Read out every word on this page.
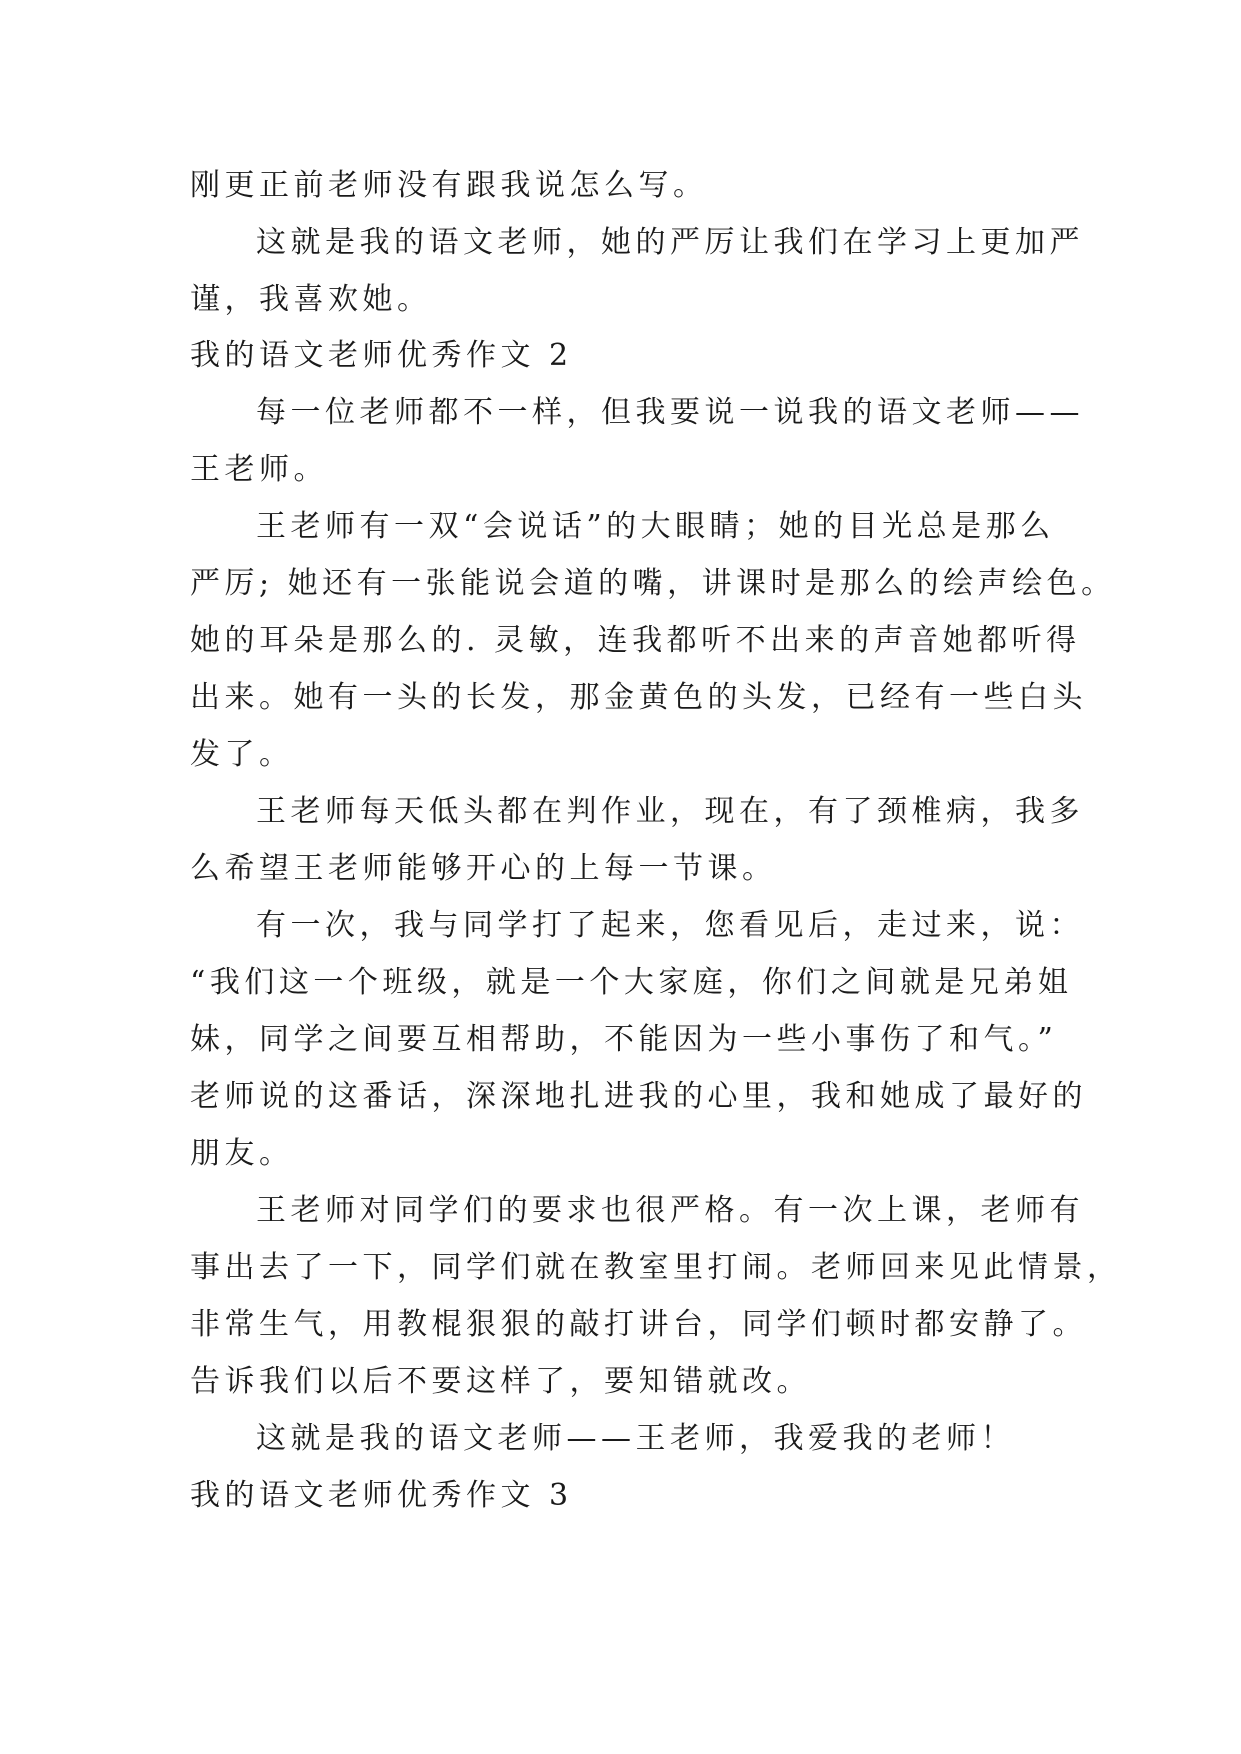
刚更正前老师没有跟我说怎么写。
这就是我的语文老师，她的严厉让我们在学习上更加严
谨，我喜欢她。
我的语文老师优秀作文 2
每一位老师都不一样，但我要说一说我的语文老师——
王老师。
王老师有一双“会说话”的大眼睛；她的目光总是那么
严厉; 她还有一张能说会道的嘴，讲课时是那么的绘声绘色。
她的耳朵是那么的. 灵敏，连我都听不出来的声音她都听得
出来。她有一头的长发，那金黄色的头发，已经有一些白头
发了。
王老师每天低头都在判作业，现在，有了颈椎病，我多
么希望王老师能够开心的上每一节课。
有一次，我与同学打了起来，您看见后，走过来，说：
“我们这一个班级，就是一个大家庭，你们之间就是兄弟姐
妹，同学之间要互相帮助，不能因为一些小事伤了和气。”
老师说的这番话，深深地扎进我的心里，我和她成了最好的
朋友。
王老师对同学们的要求也很严格。有一次上课，老师有
事出去了一下，同学们就在教室里打闹。老师回来见此情景，
非常生气，用教棍狠狠的敲打讲台，同学们顿时都安静了。
告诉我们以后不要这样了，要知错就改。
这就是我的语文老师——王老师，我爱我的老师！
我的语文老师优秀作文 3
